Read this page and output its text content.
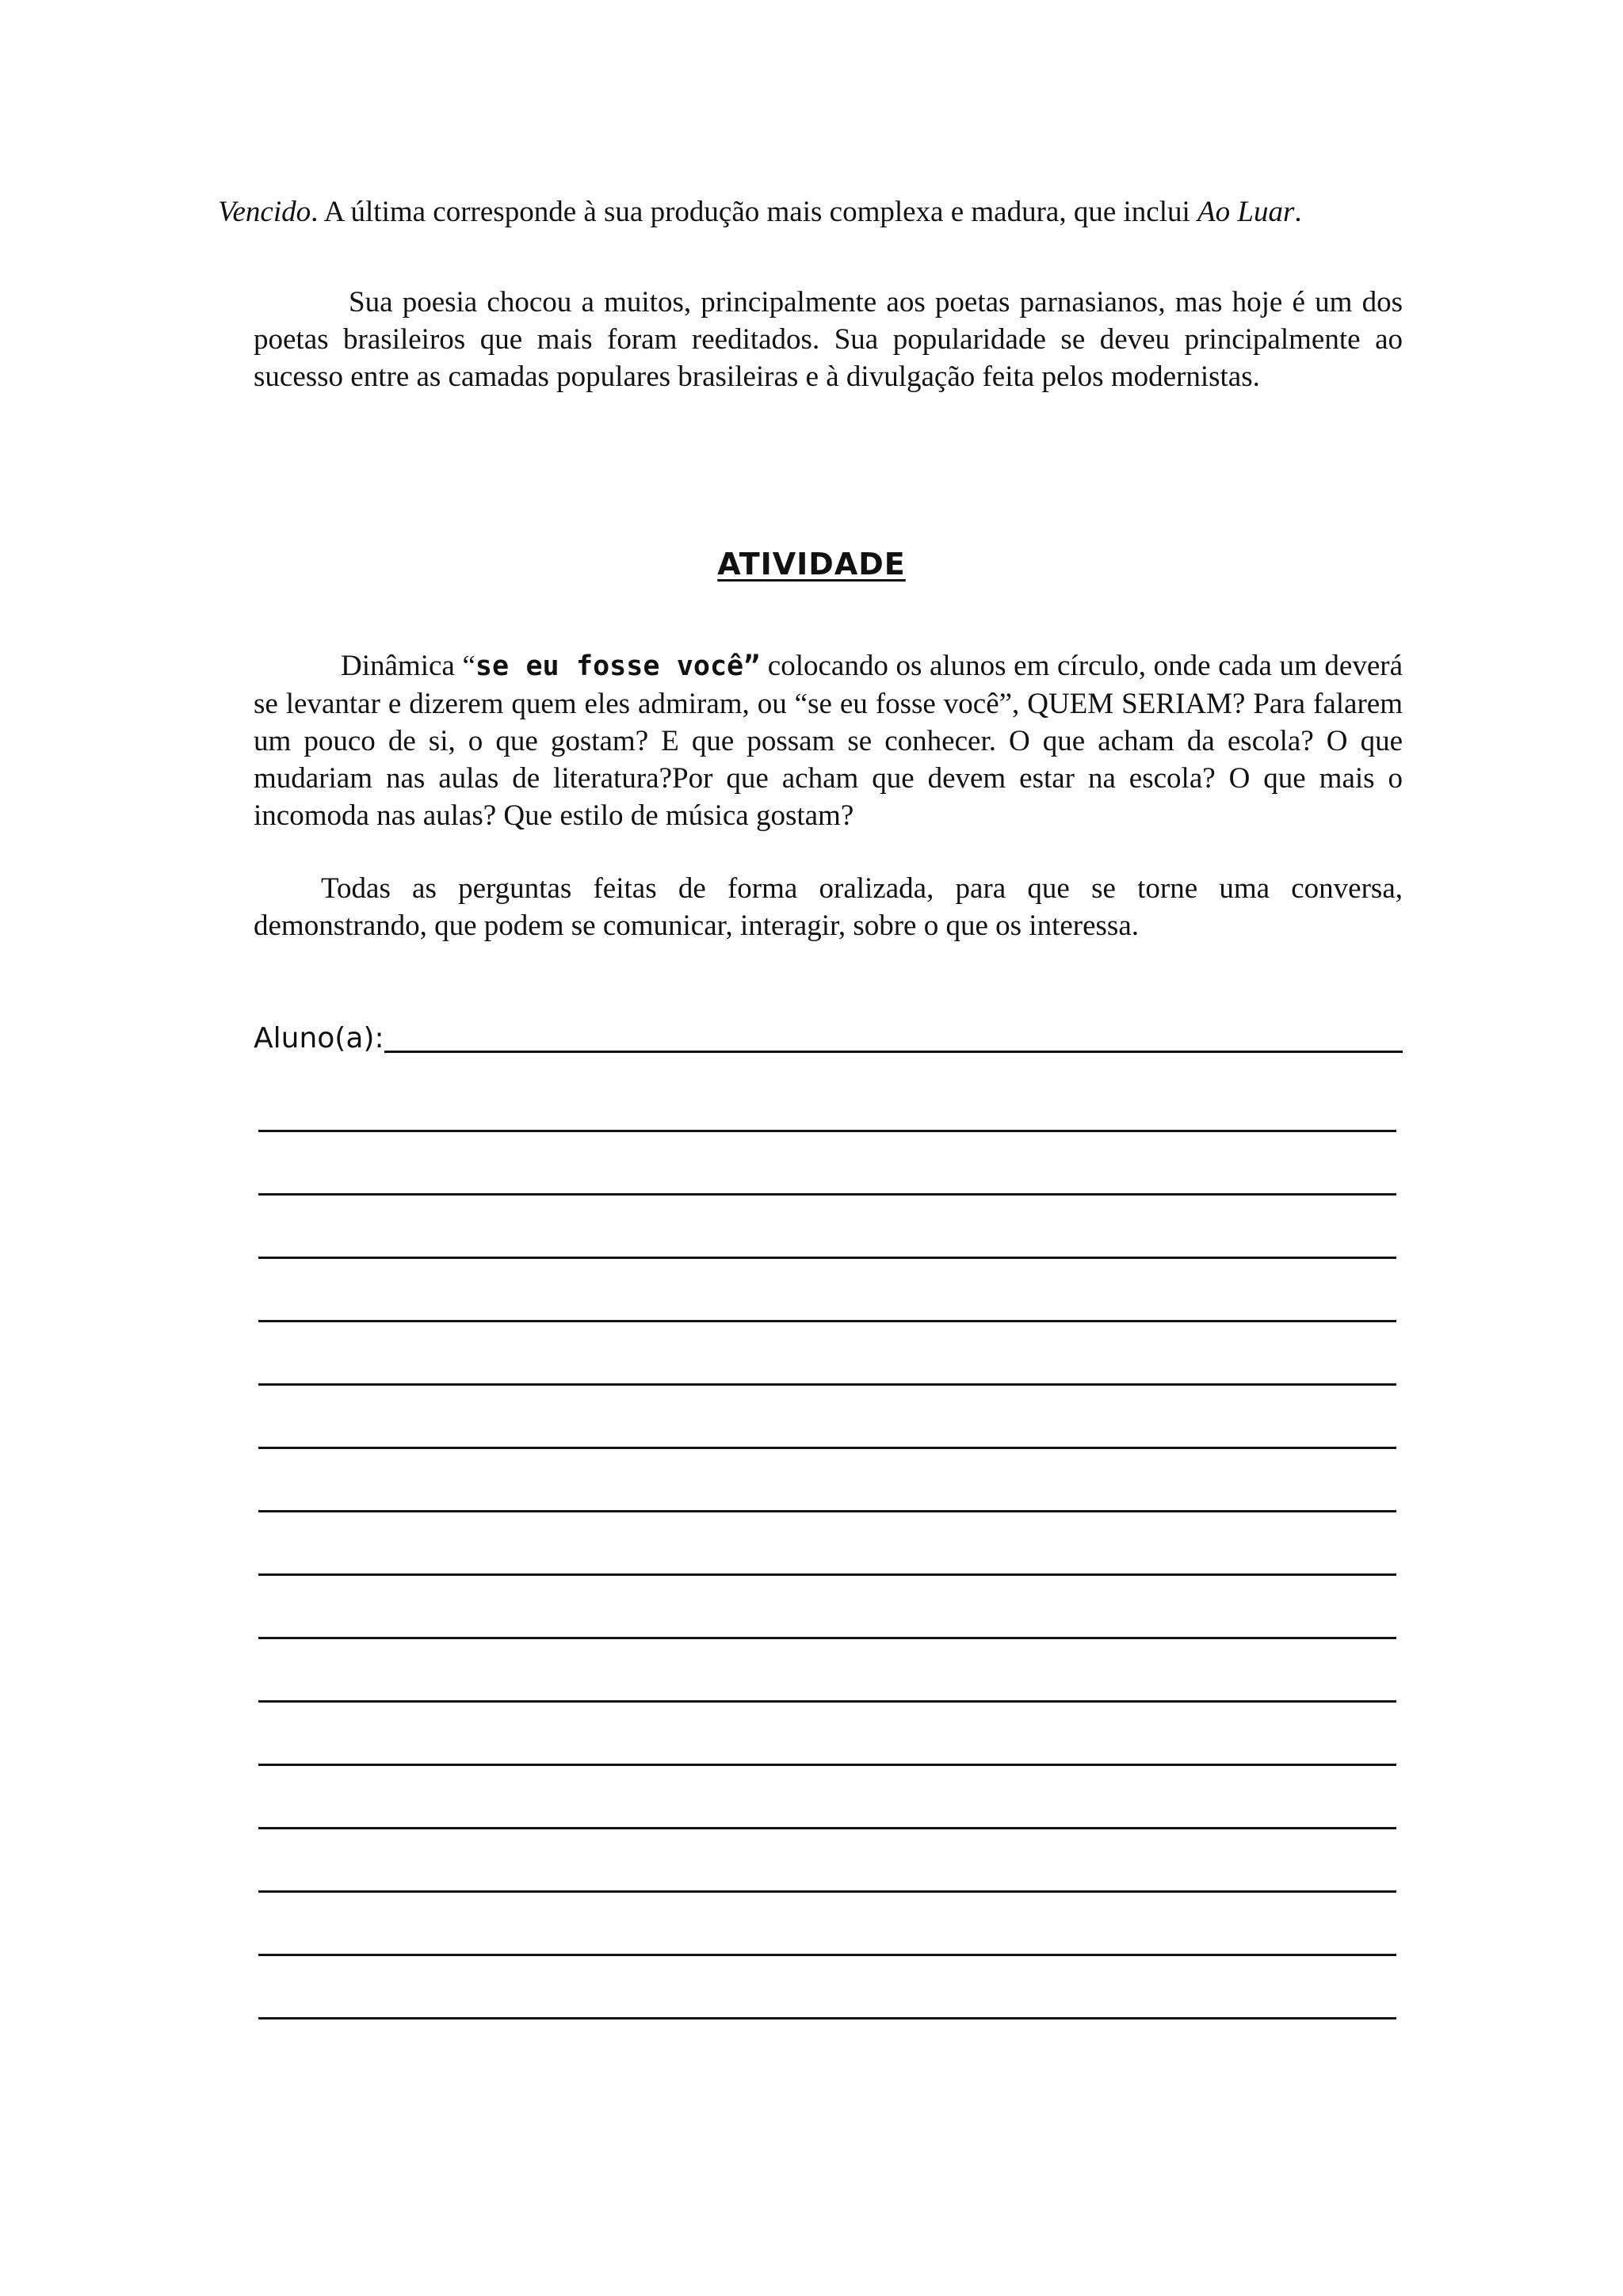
Vencido. A última corresponde à sua produção mais complexa e madura, que inclui Ao Luar.

Sua poesia chocou a muitos, principalmente aos poetas parnasianos, mas hoje é um dos poetas brasileiros que mais foram reeditados. Sua popularidade se deveu principalmente ao sucesso entre as camadas populares brasileiras e à divulgação feita pelos modernistas.

ATIVIDADE

Dinâmica “se eu fosse você” colocando os alunos em círculo, onde cada um deverá se levantar e dizerem quem eles admiram, ou “se eu fosse você”, QUEM SERIAM? Para falarem um pouco de si, o que gostam? E que possam se conhecer. O que acham da escola? O que mudariam nas aulas de literatura?Por que acham que devem estar na escola? O que mais o incomoda nas aulas? Que estilo de música gostam?

Todas as perguntas feitas de forma oralizada, para que se torne uma conversa, demonstrando, que podem se comunicar, interagir, sobre o que os interessa.

Aluno(a):
